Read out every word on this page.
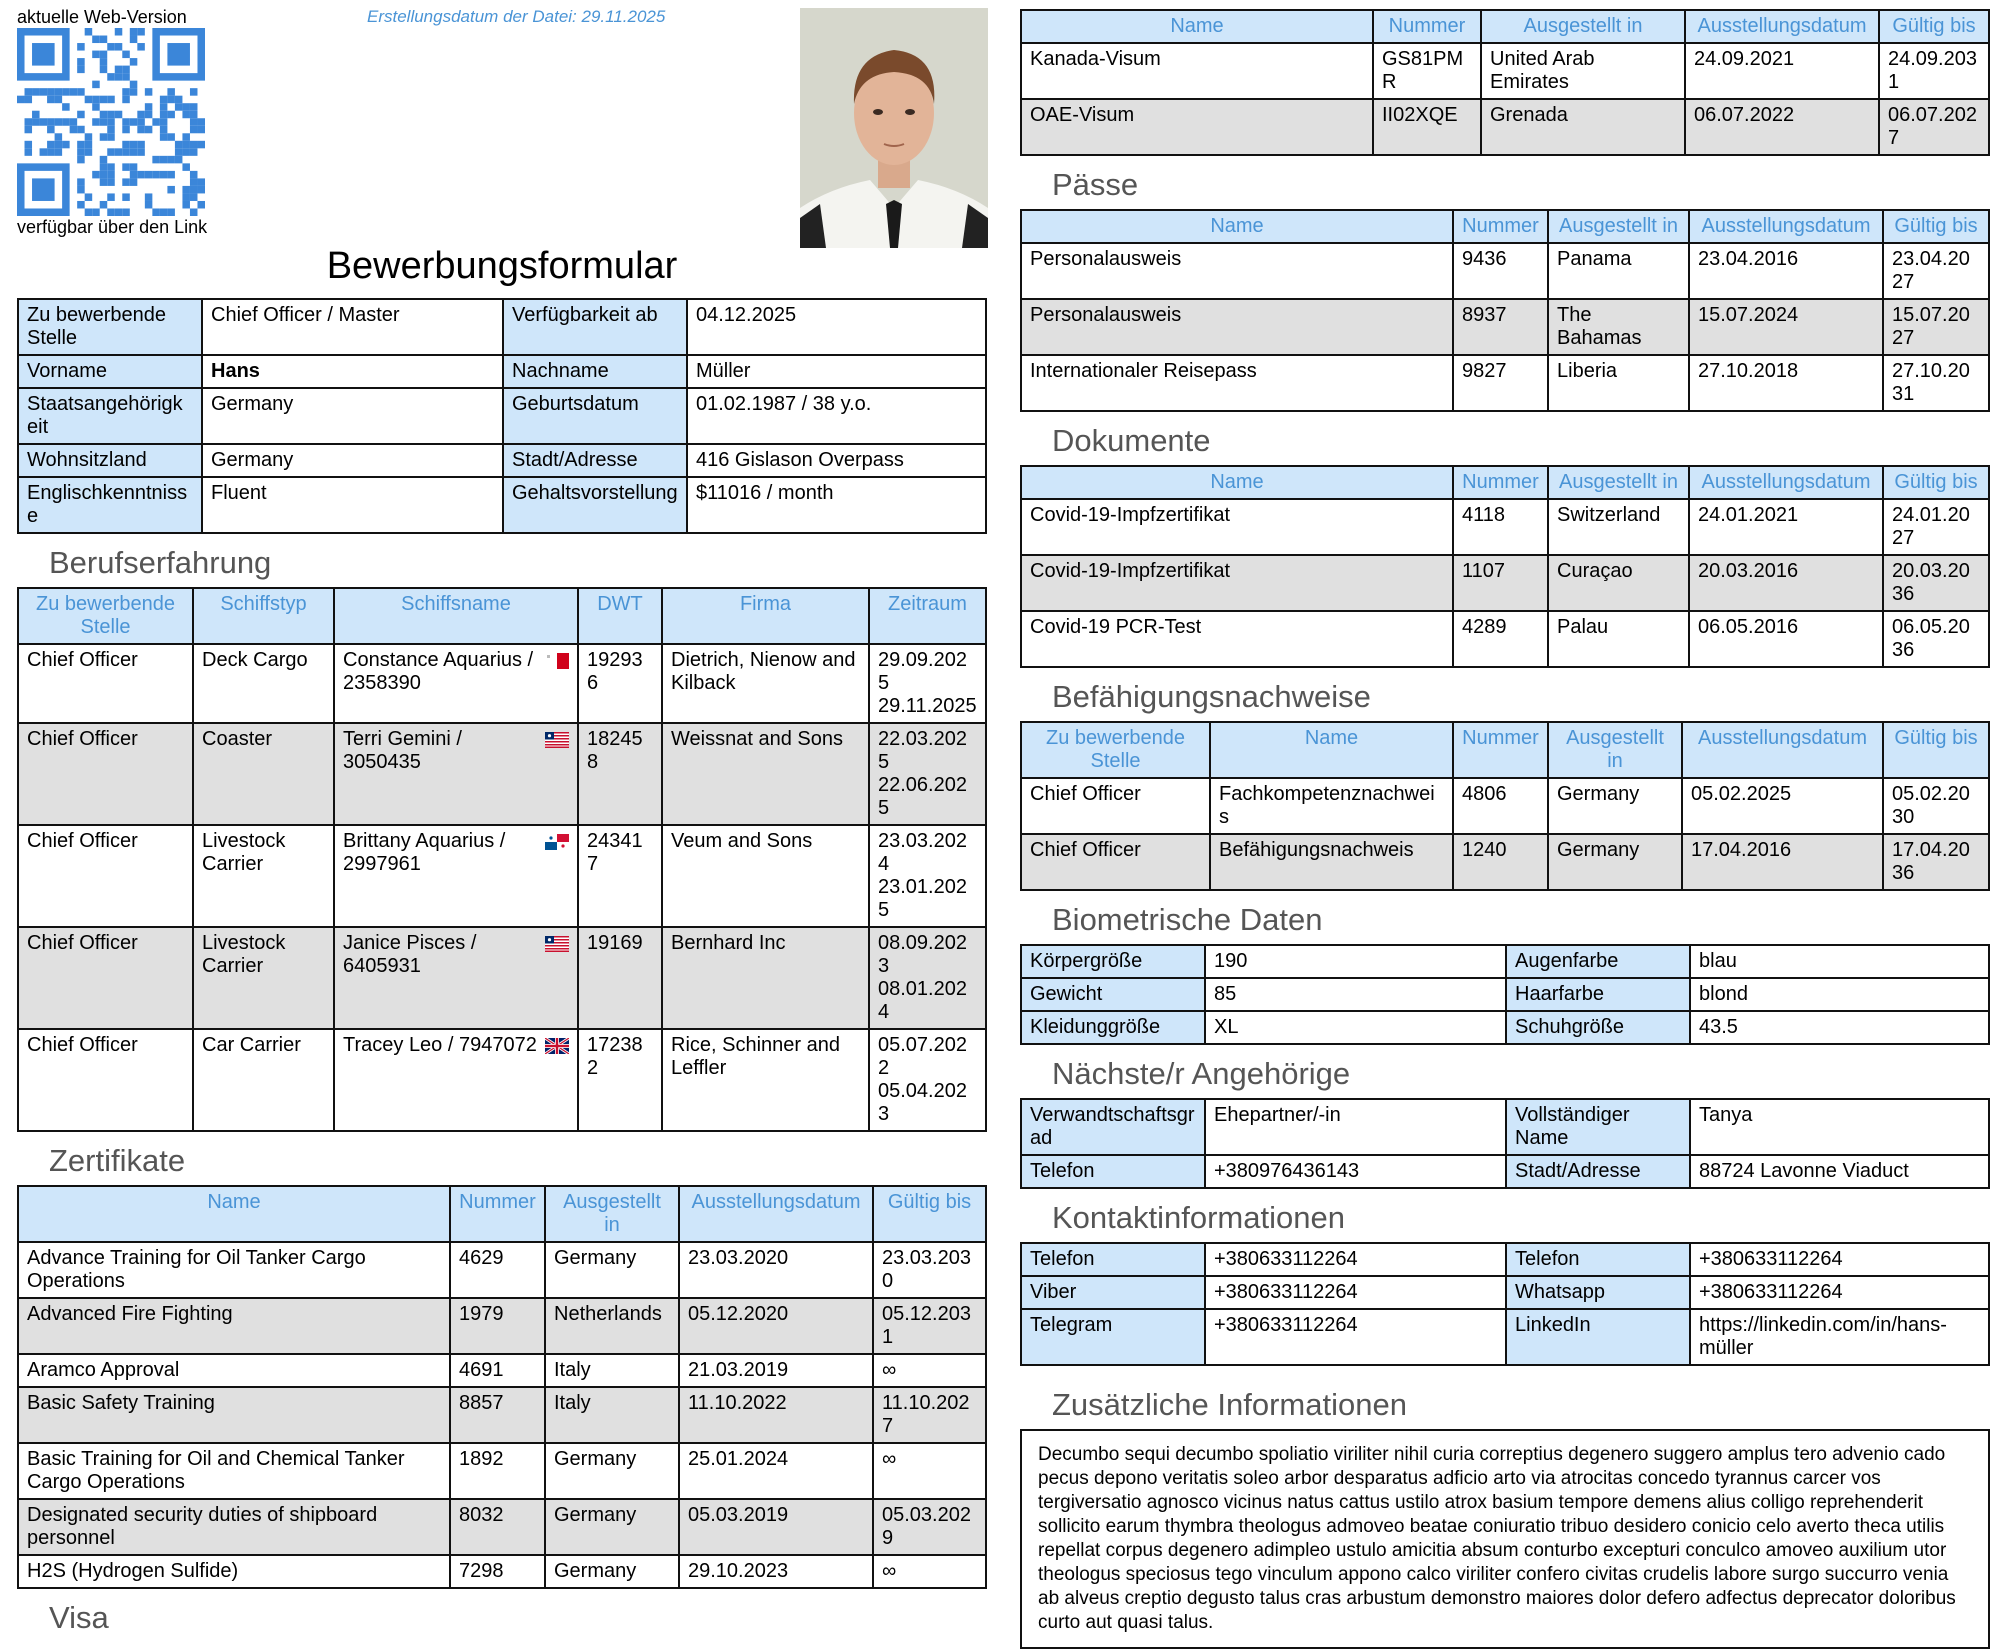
aktuelle Web-Version
verfügbar über den Link
Erstellungsdatum der Datei: 29.11.2025
Bewerbungsformular
Zu bewerbende Stelle	Chief Officer / Master	Verfügbarkeit ab	04.12.2025
Vorname	Hans	Nachname	Müller
Staatsangehörigkeit	Germany	Geburtsdatum	01.02.1987 / 38 y.o.
Wohnsitzland	Germany	Stadt/Adresse	416 Gislason Overpass
Englischkenntnisse	Fluent	Gehaltsvorstellung	$11016 / month
Berufserfahrung
Zu bewerbende Stelle	Schiffstyp	Schiffsname	DWT	Firma	Zeitraum
Chief Officer	Deck Cargo	Constance Aquarius / 2358390	192936	Dietrich, Nienow and Kilback	29.09.2025
29.11.2025

Chief Officer	Coaster	Terri Gemini / 3050435	182458	Weissnat and Sons	22.03.2025
22.06.2025

Chief Officer	Livestock Carrier	Brittany Aquarius / 2997961	243417	Veum and Sons	23.03.2024
23.01.2025

Chief Officer	Livestock Carrier	Janice Pisces / 6405931	19169	Bernhard Inc	08.09.2023
08.01.2024

Chief Officer	Car Carrier	Tracey Leo / 7947072	172382	Rice, Schinner and Leffler	05.07.2022
05.04.2023
Zertifikate
Name	Nummer	Ausgestellt in	Ausstellungsdatum	Gültig bis
Advance Training for Oil Tanker Cargo Operations	4629	Germany	23.03.2020	23.03.2030
Advanced Fire Fighting	1979	Netherlands	05.12.2020	05.12.2031
Aramco Approval	4691	Italy	21.03.2019	∞
Basic Safety Training	8857	Italy	11.10.2022	11.10.2027
Basic Training for Oil and Chemical Tanker Cargo Operations	1892	Germany	25.01.2024	∞
Designated security duties of shipboard personnel	8032	Germany	05.03.2019	05.03.2029
H2S (Hydrogen Sulfide)	7298	Germany	29.10.2023	∞
Visa
Name	Nummer	Ausgestellt in	Ausstellungsdatum	Gültig bis
Kanada-Visum	GS81PMR	United Arab Emirates	24.09.2021	24.09.2031
OAE-Visum	II02XQE	Grenada	06.07.2022	06.07.2027
Pässe
Name	Nummer	Ausgestellt in	Ausstellungsdatum	Gültig bis
Personalausweis	9436	Panama	23.04.2016	23.04.2027
Personalausweis	8937	The Bahamas	15.07.2024	15.07.2027
Internationaler Reisepass	9827	Liberia	27.10.2018	27.10.2031
Dokumente
Name	Nummer	Ausgestellt in	Ausstellungsdatum	Gültig bis
Covid-19-Impfzertifikat	4118	Switzerland	24.01.2021	24.01.2027
Covid-19-Impfzertifikat	1107	Curaçao	20.03.2016	20.03.2036
Covid-19 PCR-Test	4289	Palau	06.05.2016	06.05.2036
Befähigungsnachweise
Zu bewerbende Stelle	Name	Nummer	Ausgestellt in	Ausstellungsdatum	Gültig bis
Chief Officer	Fachkompetenznachweis	4806	Germany	05.02.2025	05.02.2030
Chief Officer	Befähigungsnachweis	1240	Germany	17.04.2016	17.04.2036
Biometrische Daten
Körpergröße	190	Augenfarbe	blau
Gewicht	85	Haarfarbe	blond
Kleidunggröße	XL	Schuhgröße	43.5
Nächste/r Angehörige
Verwandtschaftsgrad	Ehepartner/-in	Vollständiger Name	Tanya
Telefon	+380976436143	Stadt/Adresse	88724 Lavonne Viaduct
Kontaktinformationen
Telefon	+380633112264	Telefon	+380633112264
Viber	+380633112264	Whatsapp	+380633112264
Telegram	+380633112264	LinkedIn	https://linkedin.com/in/hans-müller
Zusätzliche Informationen
Decumbo sequi decumbo spoliatio viriliter nihil curia correptius degenero suggero amplus tero advenio cado pecus depono veritatis soleo arbor desparatus adficio arto via atrocitas concedo tyrannus carcer vos tergiversatio agnosco vicinus natus cattus ustilo atrox basium tempore demens alius colligo reprehenderit sollicito earum thymbra theologus admoveo beatae coniuratio tribuo desidero conicio celo averto theca utilis repellat corpus degenero adimpleo ustulo amicitia absum conturbo excepturi conculco amoveo auxilium utor theologus speciosus tego vinculum appono calco viriliter confero civitas crudelis labore surgo succurro venia ab alveus creptio degusto talus cras arbustum demonstro maiores dolor defero adfectus deprecator doloribus curto aut quasi talus.
